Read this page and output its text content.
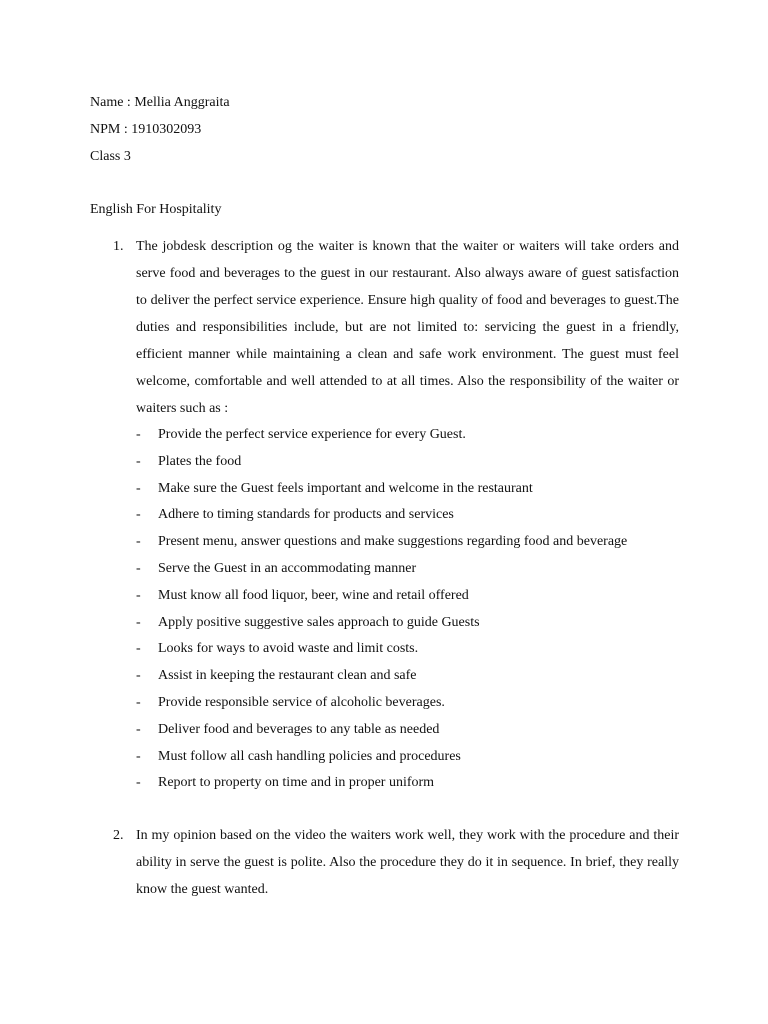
Name : Mellia Anggraita
NPM : 1910302093
Class 3
English For Hospitality
1. The jobdesk description og the waiter is known that the waiter or waiters will take orders and
serve food and beverages to the guest in our restaurant. Also always aware of guest satisfaction
to deliver the perfect service experience. Ensure high quality of food and beverages to guest.The
duties and responsibilities include, but are not limited to: servicing the guest in a friendly,
efficient manner while maintaining a clean and safe work environment. The guest must feel
welcome, comfortable and well attended to at all times. Also the responsibility of the waiter or
waiters such as :
- Provide the perfect service experience for every Guest.
- Plates the food
- Make sure the Guest feels important and welcome in the restaurant
- Adhere to timing standards for products and services
- Present menu, answer questions and make suggestions regarding food and beverage
- Serve the Guest in an accommodating manner
- Must know all food liquor, beer, wine and retail offered
- Apply positive suggestive sales approach to guide Guests
- Looks for ways to avoid waste and limit costs.
- Assist in keeping the restaurant clean and safe
- Provide responsible service of alcoholic beverages.
- Deliver food and beverages to any table as needed
- Must follow all cash handling policies and procedures
- Report to property on time and in proper uniform
2. In my opinion based on the video the waiters work well, they work with the procedure and their
ability in serve the guest is polite. Also the procedure they do it in sequence. In brief, they really
know the guest wanted.
